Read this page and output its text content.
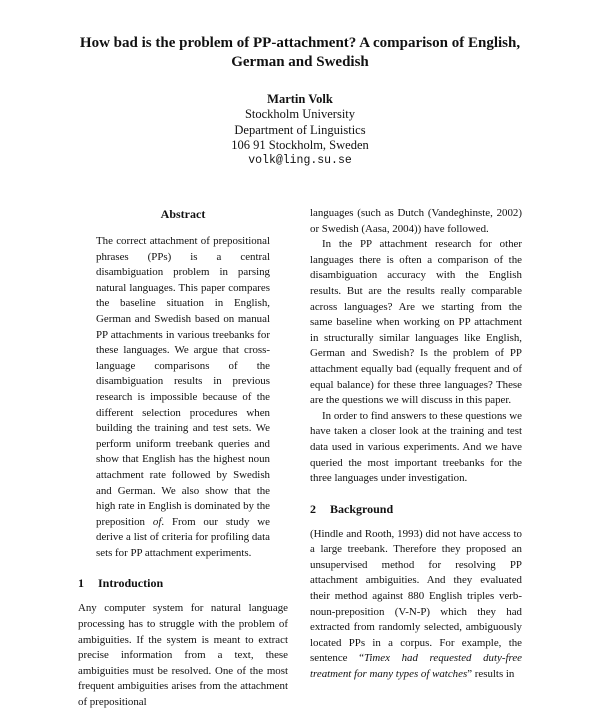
How bad is the problem of PP-attachment? A comparison of English,
German and Swedish
Martin Volk
Stockholm University
Department of Linguistics
106 91 Stockholm, Sweden
volk@ling.su.se
Abstract

The correct attachment of prepositional phrases (PPs) is a central disambiguation problem in parsing natural languages. This paper compares the baseline situation in English, German and Swedish based on manual PP attachments in various treebanks for these languages. We argue that cross-language comparisons of the disambiguation results in previous research is impossible because of the different selection procedures when building the training and test sets. We perform uniform treebank queries and show that English has the highest noun attachment rate followed by Swedish and German. We also show that the high rate in English is dominated by the preposition of. From our study we derive a list of criteria for profiling data sets for PP attachment experiments.

1 Introduction

Any computer system for natural language processing has to struggle with the problem of ambiguities. If the system is meant to extract precise information from a text, these ambiguities must be resolved. One of the most frequent ambiguities arises from the attachment of prepositional

languages (such as Dutch (Vandeghinste, 2002) or Swedish (Aasa, 2004)) have followed.

In the PP attachment research for other languages there is often a comparison of the disambiguation accuracy with the English results. But are the results really comparable across languages? Are we starting from the same baseline when working on PP attachment in structurally similar languages like English, German and Swedish? Is the problem of PP attachment equally bad (equally frequent and of equal balance) for these three languages? These are the questions we will discuss in this paper.

In order to find answers to these questions we have taken a closer look at the training and test data used in various experiments. And we have queried the most important treebanks for the three languages under investigation.

2 Background

(Hindle and Rooth, 1993) did not have access to a large treebank. Therefore they proposed an unsupervised method for resolving PP attachment ambiguities. And they evaluated their method against 880 English triples verb-noun-preposition (V-N-P) which they had extracted from randomly selected, ambiguously located PPs in a corpus. For example, the sentence “Timex had requested duty-free treatment for many types of watches” results in
